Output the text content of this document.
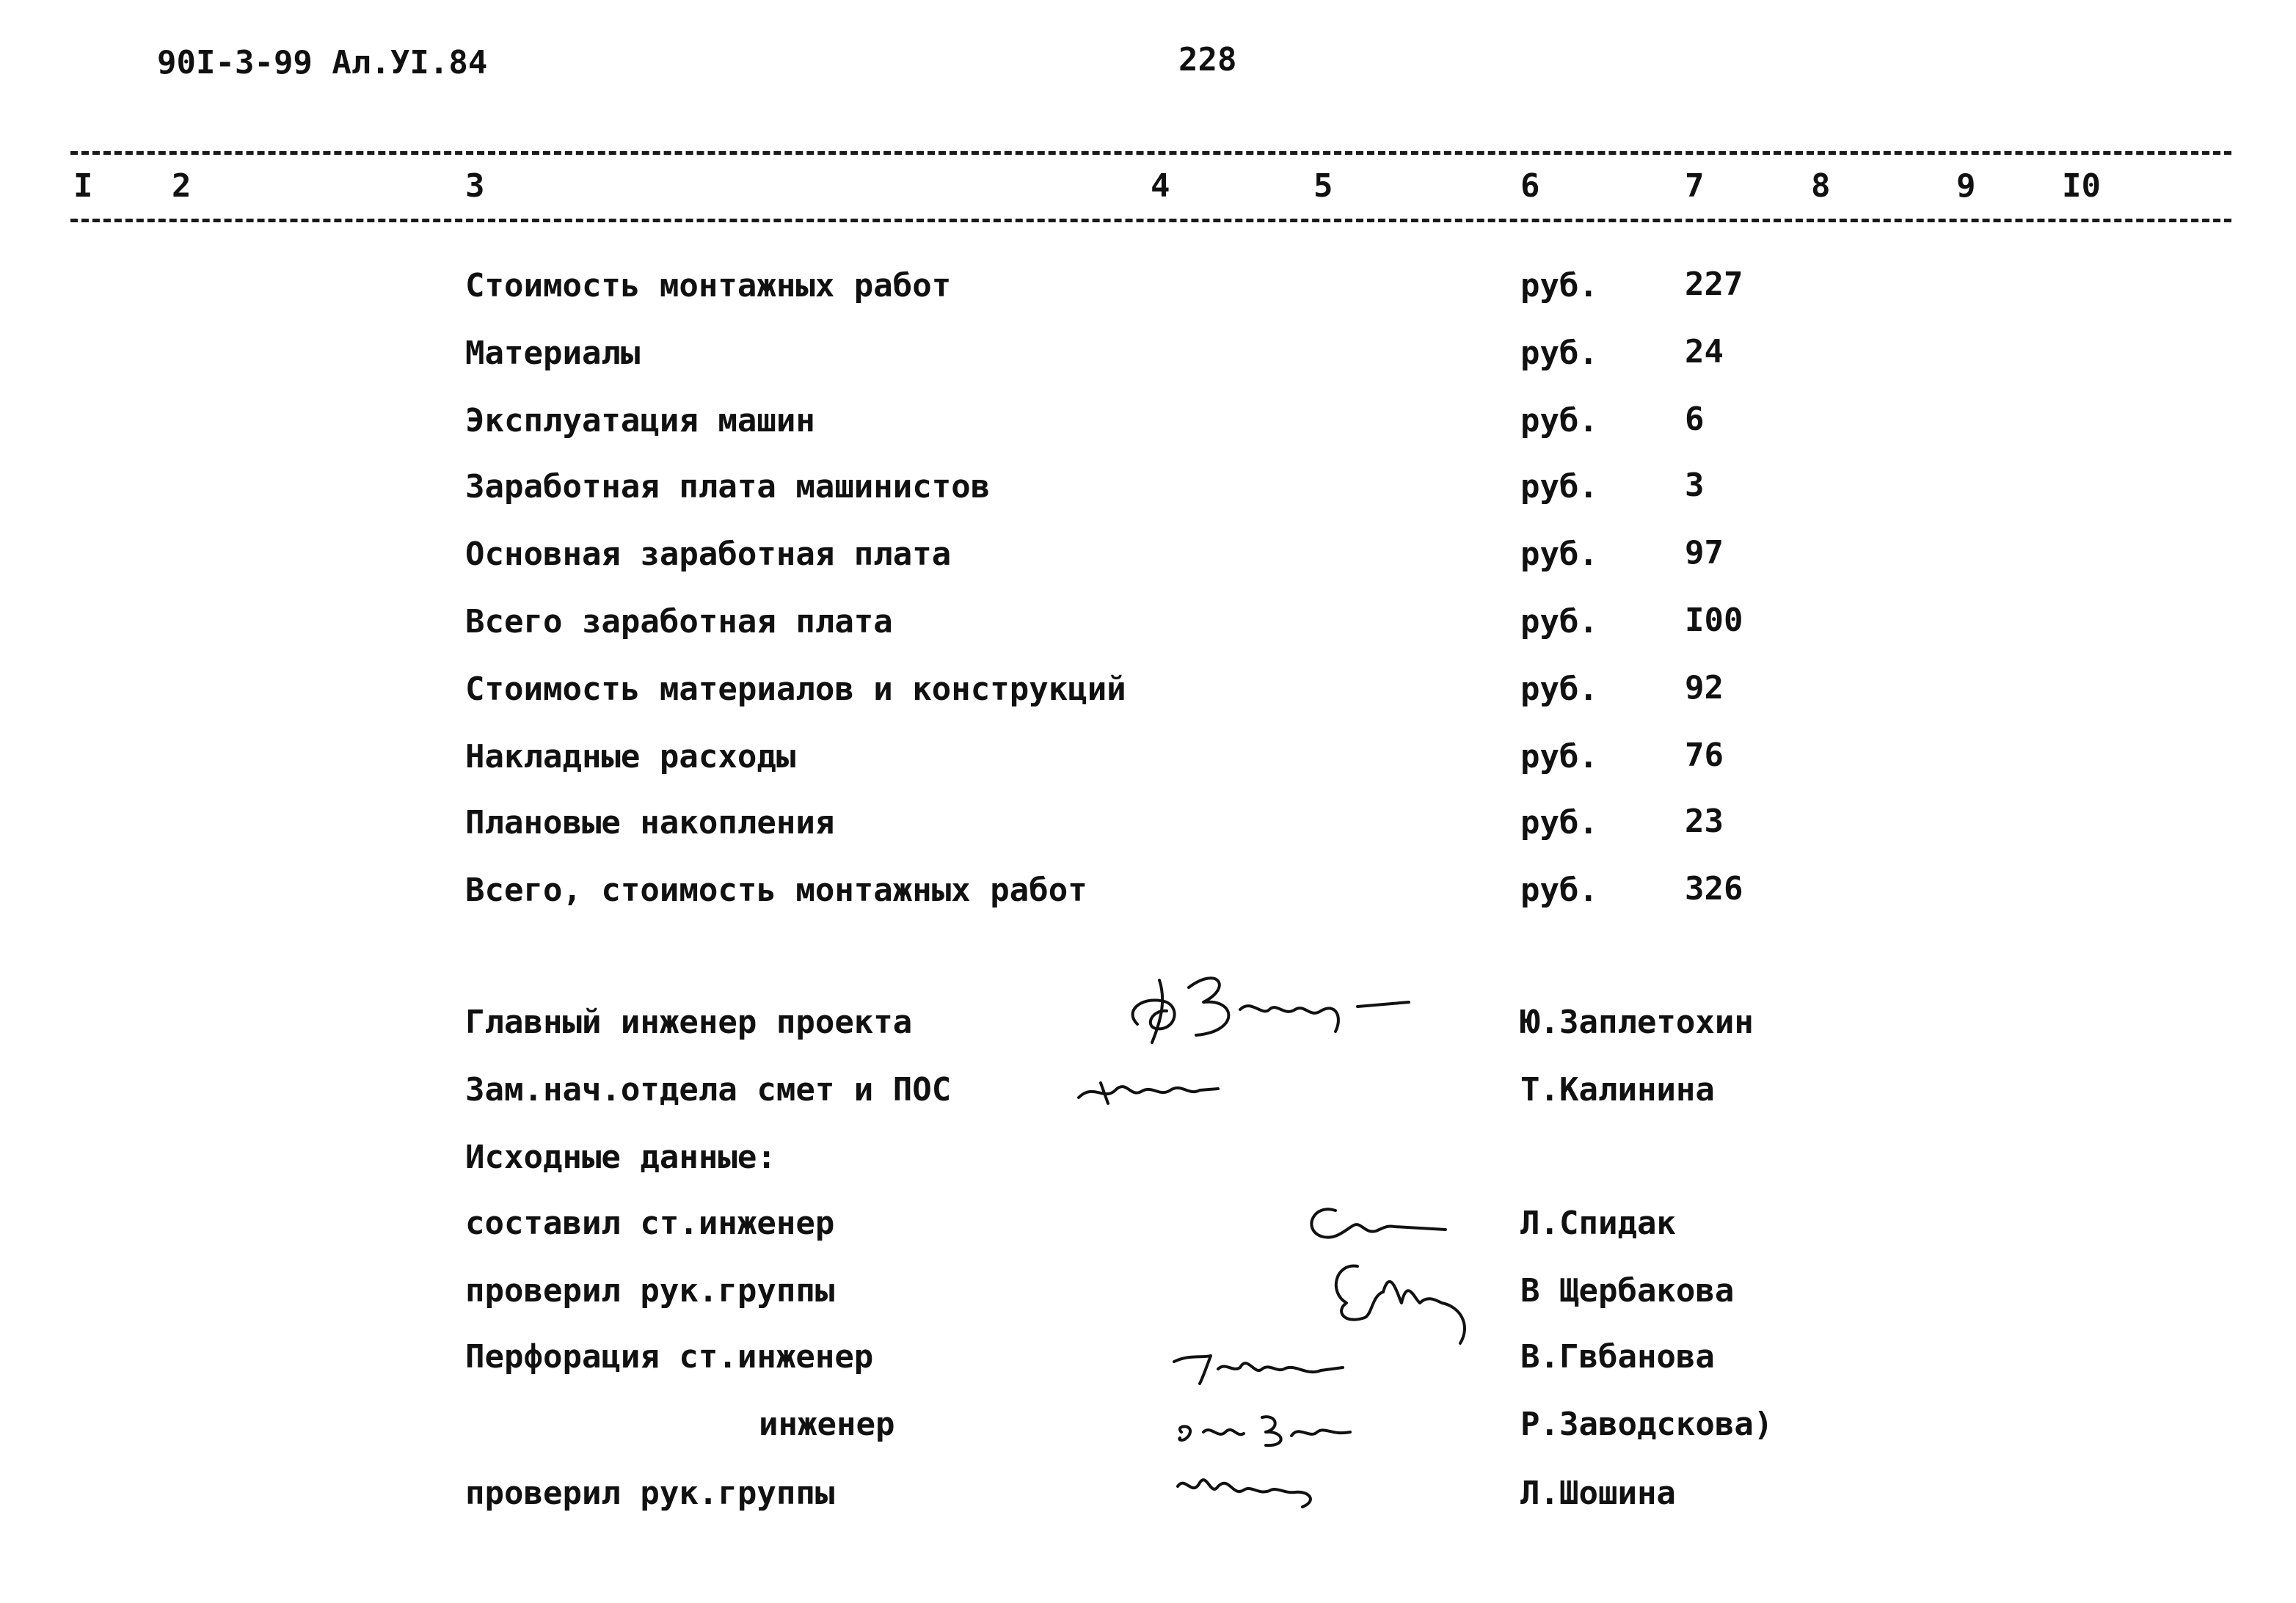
90I-3-99 Ал.УI.84	228
I 2	3	4	5	6	7	8	9	I0
Стоимость монтажных работ	руб.	227
Материалы	руб.	24
Эксплуатация машин	руб.	6
Заработная плата машинистов	руб.	3
Основная заработная плата	руб.	97
Всего заработная плата	руб.	I00
Стоимость материалов и конструкций	руб.	92
Накладные расходы	руб.	76
Плановые накопления	руб.	23
Всего, стоимость монтажных работ	руб.	326
Главный инженер проекта	Ю.Заплетохин
Зам.нач.отдела смет и ПОС	Т.Калинина
Исходные данные:
составил ст.инженер	Л.Спидак
проверил рук.группы	В Щербакова
Перфорация ст.инженер	В.Гвбанова
инженер	Р.Заводскова)
проверил рук.группы	Л.Шошина
